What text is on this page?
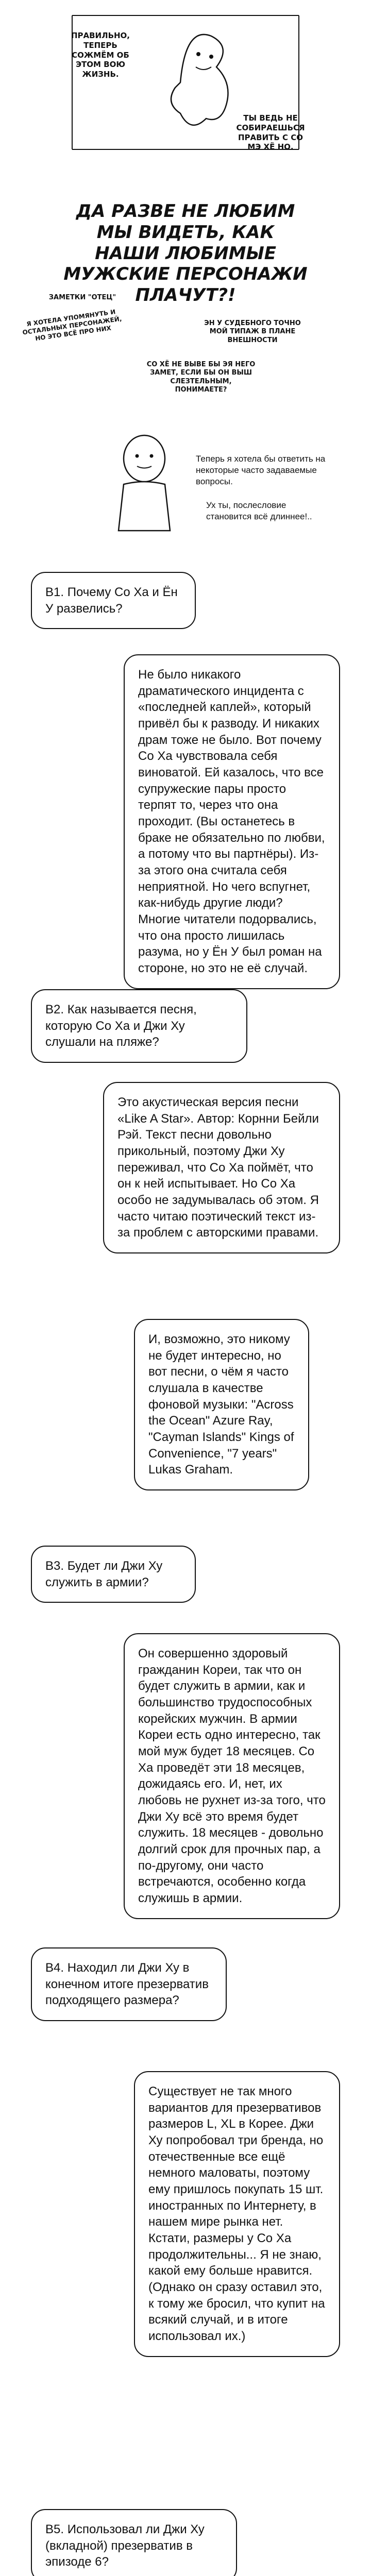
ПРАВИЛЬНО, ТЕПЕРЬ СОЖМЁМ ОБ ЭТОМ ВОЮ ЖИЗНЬ.
ТЫ ВЕДЬ НЕ СОБИРАЕШЬСЯ ПРАВИТЬ С СО МЭ ХЁ НО.
ДА РАЗВЕ НЕ ЛЮБИМ МЫ ВИДЕТЬ, КАК НАШИ ЛЮБИМЫЕ МУЖСКИЕ ПЕРСОНАЖИ ПЛАЧУТ?!
ЗАМЕТКИ "ОТЕЦ"
Я ХОТЕЛА УПОМЯНУТЬ И ОСТАЛЬНЫХ ПЕРСОНАЖЕЙ, НО ЭТО ВСЁ ПРО НИХ
ЭН У СУДЕБНОГО ТОЧНО МОЙ ТИПАЖ В ПЛАНЕ ВНЕШНОСТИ
СО ХЁ НЕ ВЫВЕ БЫ ЭЯ НЕГО ЗАМЕТ, ЕСЛИ БЫ ОН ВЫШ СЛЕЗТЕЛЬНЫМ, ПОНИМАЕТЕ?
Теперь я хотела бы ответить на некоторые часто задаваемые вопросы.
Ух ты, послесловие становится всё длиннее!..
В1. Почему Со Ха и Ён У развелись?
Не было никакого драматического инцидента с «последней каплей», который привёл бы к разводу. И никаких драм тоже не было. Вот почему Со Ха чувствовала себя виноватой. Ей казалось, что все супружеские пары просто терпят то, через что она проходит. (Вы останетесь в браке не обязательно по любви, а потому что вы партнёры). Из-за этого она считала себя неприятной. Но чего вспугнет, как-нибудь другие люди? Многие читатели подорвались, что она просто лишилась разума, но у Ён У был роман на стороне, но это не её случай.
В2. Как называется песня, которую Со Ха и Джи Ху слушали на пляже?
Это акустическая версия песни «Like A Star». Автор: Корнни Бейли Рэй. Текст песни довольно прикольный, поэтому Джи Ху переживал, что Со Ха поймёт, что он к ней испытывает. Но Со Ха особо не задумывалась об этом. Я часто читаю поэтический текст из-за проблем с авторскими правами.
И, возможно, это никому не будет интересно, но вот песни, о чём я часто слушала в качестве фоновой музыки: "Across the Ocean" Azure Ray, "Cayman Islands" Kings of Convenience, "7 years" Lukas Graham.
В3. Будет ли Джи Ху служить в армии?
Он совершенно здоровый гражданин Кореи, так что он будет служить в армии, как и большинство трудоспособных корейских мужчин. В армии Кореи есть одно интересно, так мой муж будет 18 месяцев. Со Ха проведёт эти 18 месяцев, дожидаясь его. И, нет, их любовь не рухнет из-за того, что Джи Ху всё это время будет служить. 18 месяцев - довольно долгий срок для прочных пар, а по-другому, они часто встречаются, особенно когда служишь в армии.
В4. Находил ли Джи Ху в конечном итоге презерватив подходящего размера?
Существует не так много вариантов для презервативов размеров L, XL в Корее. Джи Ху попробовал три бренда, но отечественные все ещё немного маловаты, поэтому ему пришлось покупать 15 шт. иностранных по Интернету, в нашем мире рынка нет. Кстати, размеры у Со Ха продолжительны... Я не знаю, какой ему больше нравится. (Однако он сразу оставил это, к тому же бросил, что купит на всякий случай, и в итоге использовал их.)
В5. Использовал ли Джи Ху (вкладной) презерватив в эпизоде 6?
